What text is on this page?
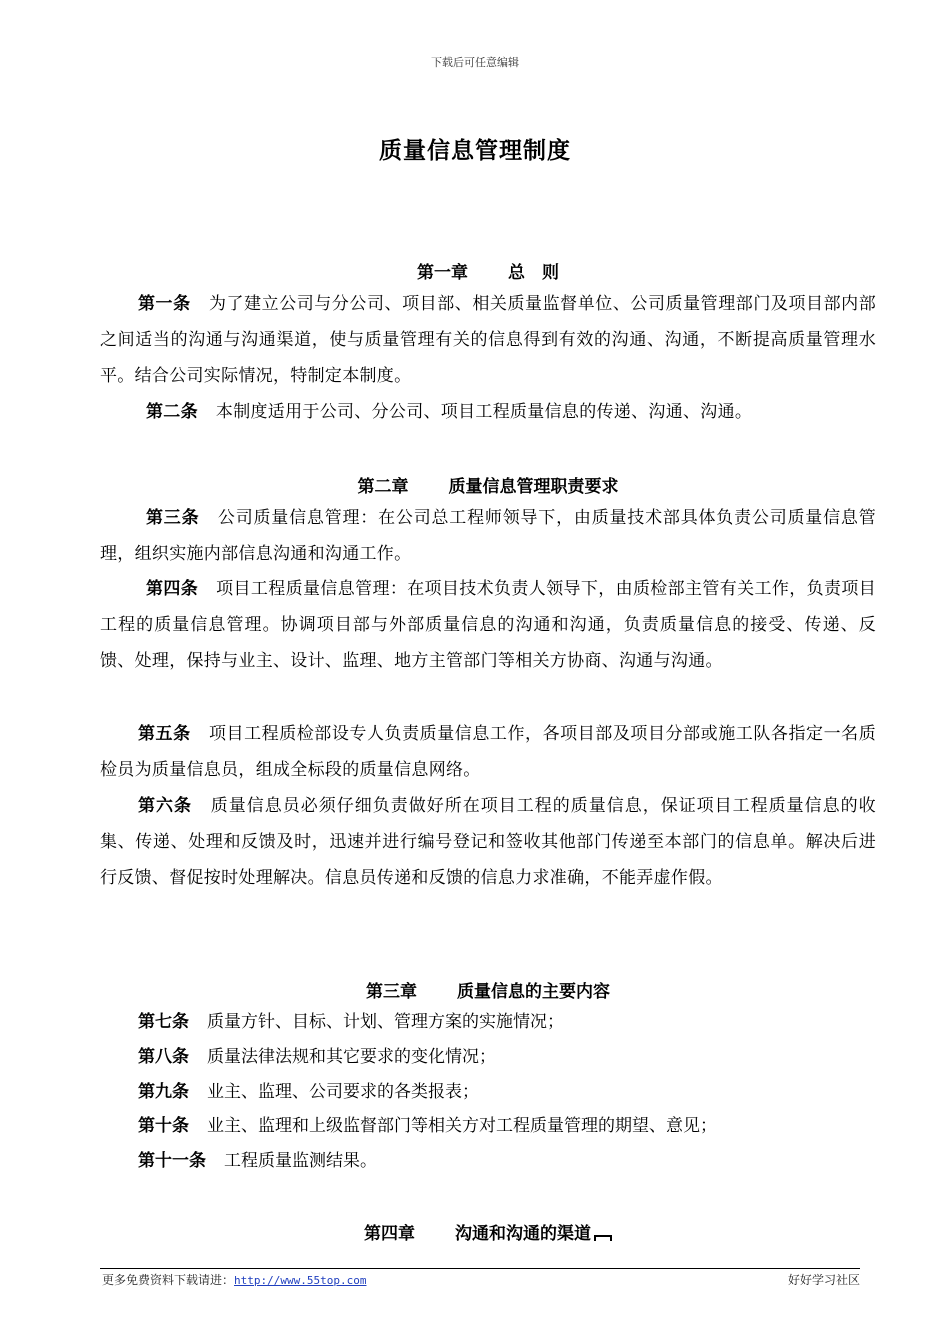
下载后可任意编辑
质量信息管理制度
第一章 总　则
第一条 为了建立公司与分公司、项目部、相关质量监督单位、公司质量管理部门及项目部内部之间适当的沟通与沟通渠道，使与质量管理有关的信息得到有效的沟通、沟通，不断提高质量管理水平。结合公司实际情况，特制定本制度。
第二条 本制度适用于公司、分公司、项目工程质量信息的传递、沟通、沟通。
第二章 质量信息管理职责要求
第三条 公司质量信息管理：在公司总工程师领导下，由质量技术部具体负责公司质量信息管理，组织实施内部信息沟通和沟通工作。
第四条 项目工程质量信息管理：在项目技术负责人领导下，由质检部主管有关工作，负责项目工程的质量信息管理。协调项目部与外部质量信息的沟通和沟通，负责质量信息的接受、传递、反馈、处理，保持与业主、设计、监理、地方主管部门等相关方协商、沟通与沟通。
第五条 项目工程质检部设专人负责质量信息工作，各项目部及项目分部或施工队各指定一名质检员为质量信息员，组成全标段的质量信息网络。
第六条 质量信息员必须仔细负责做好所在项目工程的质量信息，保证项目工程质量信息的收集、传递、处理和反馈及时，迅速并进行编号登记和签收其他部门传递至本部门的信息单。解决后进行反馈、督促按时处理解决。信息员传递和反馈的信息力求准确，不能弄虚作假。
第三章 质量信息的主要内容
第七条 质量方针、目标、计划、管理方案的实施情况；
第八条 质量法律法规和其它要求的变化情况；
第九条 业主、监理、公司要求的各类报表；
第十条 业主、监理和上级监督部门等相关方对工程质量管理的期望、意见；
第十一条 工程质量监测结果。
第四章 沟通和沟通的渠道
更多免费资料下载请进：http://www.55top.com	好好学习社区
